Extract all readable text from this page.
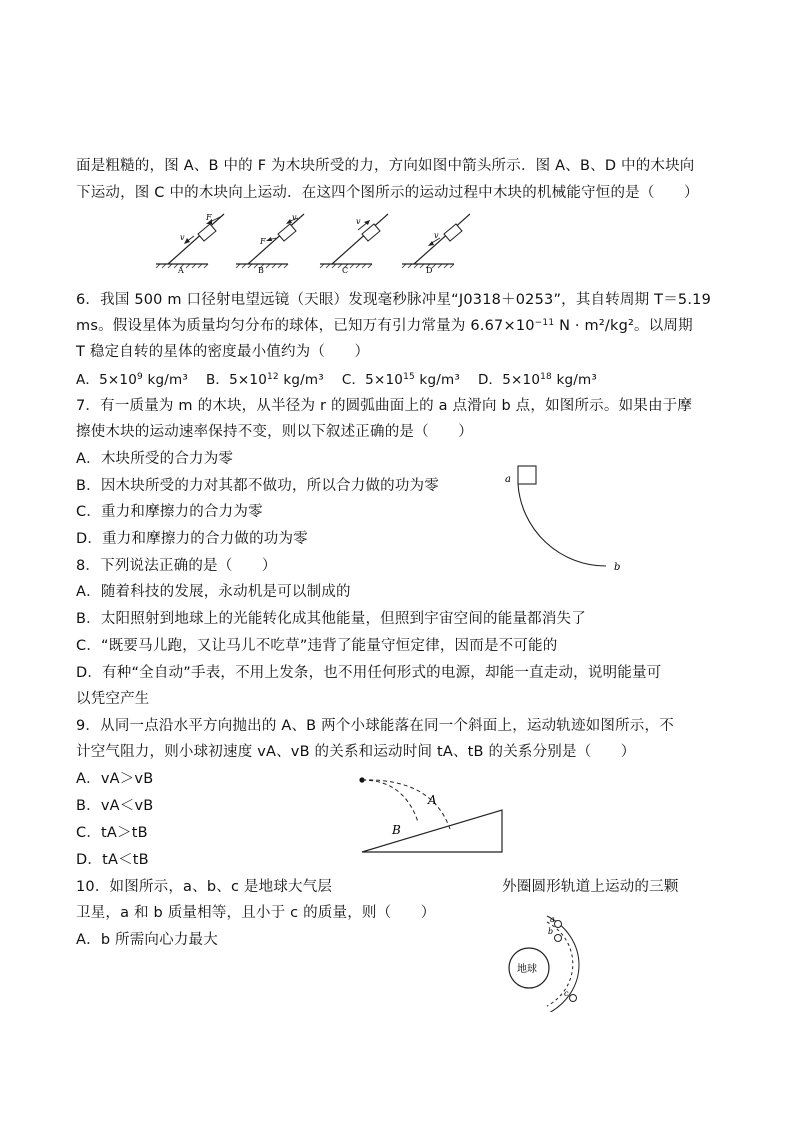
面是粗糙的，图 A、B 中的 F 为木块所受的力，方向如图中箭头所示．图 A、B、D 中的木块向
下运动，图 C 中的木块向上运动．在这四个图所示的运动过程中木块的机械能守恒的是（　　）
F
v
A
v
F
B
v
C
v
D
6．我国 500 m 口径射电望远镜（天眼）发现毫秒脉冲星“J0318＋0253”，其自转周期 T＝5.19
ms。假设星体为质量均匀分布的球体，已知万有引力常量为 $6.67\times 10^{-11}$ N · m²/kg²。以周期
T 稳定自转的星体的密度最小值约为（　　）
A．$5\times 10^9$ kg/m³ B．$5\times 10^{12}$ kg/m³ C．$5\times 10^{15}$ kg/m³ D．$5\times 10^{18}$ kg/m³
7．有一质量为 m 的木块，从半径为 r 的圆弧曲面上的 a 点滑向 b 点，如图所示。如果由于摩
擦使木块的运动速率保持不变，则以下叙述正确的是（　　）
A．木块所受的合力为零
B．因木块所受的力对其都不做功，所以合力做的功为零
C．重力和摩擦力的合力为零
D．重力和摩擦力的合力做的功为零
a
b
8．下列说法正确的是（　　）
A．随着科技的发展，永动机是可以制成的
B．太阳照射到地球上的光能转化成其他能量，但照到宇宙空间的能量都消失了
C．“既要马儿跑，又让马儿不吃草”违背了能量守恒定律，因而是不可能的
D．有种“全自动”手表，不用上发条，也不用任何形式的电源，却能一直走动，说明能量可
以凭空产生
9．从同一点沿水平方向抛出的 A、B 两个小球能落在同一个斜面上，运动轨迹如图所示，不
计空气阻力，则小球初速度 vA、vB 的关系和运动时间 tA、tB 的关系分别是（　　）
A．vA＞vB
B．vA＜vB
C．tA＞tB
D．tA＜tB
A
B
10．如图所示，a、b、c 是地球大气层	外圈圆形轨道上运动的三颗
卫星，a 和 b 质量相等，且小于 c 的质量，则（　　）
A．b 所需向心力最大
地球
a
b
c
